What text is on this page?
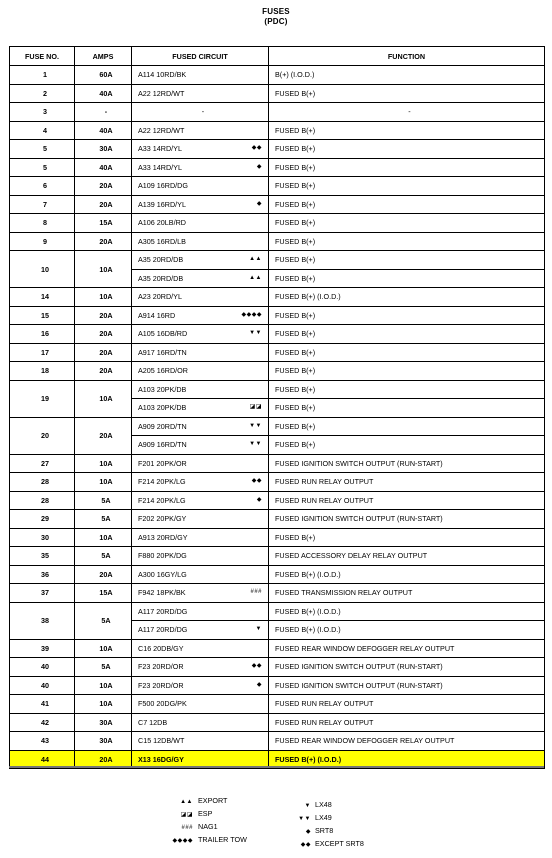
FUSES
(PDC)
FUSE NO.	AMPS	FUSED CIRCUIT	FUNCTION
1	60A	A114 10RD/BK	B(+) (I.O.D.)
2	40A	A22 12RD/WT	FUSED B(+)
3	-	-	-
4	40A	A22 12RD/WT	FUSED B(+)
5	30A	A33 14RD/YL ◆◆	FUSED B(+)
5	40A	A33 14RD/YL ◆	FUSED B(+)
6	20A	A109 16RD/DG	FUSED B(+)
7	20A	A139 16RD/YL ◆	FUSED B(+)
8	15A	A106 20LB/RD	FUSED B(+)
9	20A	A305 16RD/LB	FUSED B(+)
10	10A	A35 20RD/DB ▲▲	FUSED B(+)
		A35 20RD/DB ▲▲	FUSED B(+)
14	10A	A23 20RD/YL	FUSED B(+) (I.O.D.)
15	20A	A914 16RD ◆◆◆◆	FUSED B(+)
16	20A	A105 16DB/RD ▼▼	FUSED B(+)
17	20A	A917 16RD/TN	FUSED B(+)
18	20A	A205 16RD/OR	FUSED B(+)
19	10A	A103 20PK/DB	FUSED B(+)
		A103 20PK/DB ◪◪	FUSED B(+)
20	20A	A909 20RD/TN ▼▼	FUSED B(+)
		A909 16RD/TN ▼▼	FUSED B(+)
27	10A	F201 20PK/OR	FUSED IGNITION SWITCH OUTPUT (RUN-START)
28	10A	F214 20PK/LG ◆◆	FUSED RUN RELAY OUTPUT
28	5A	F214 20PK/LG ◆	FUSED RUN RELAY OUTPUT
29	5A	F202 20PK/GY	FUSED IGNITION SWITCH OUTPUT (RUN-START)
30	10A	A913 20RD/GY	FUSED B(+)
35	5A	F880 20PK/DG	FUSED ACCESSORY DELAY RELAY OUTPUT
36	20A	A300 16GY/LG	FUSED B(+) (I.O.D.)
37	15A	F942 18PK/BK ###	FUSED TRANSMISSION RELAY OUTPUT
38	5A	A117 20RD/DG	FUSED B(+) (I.O.D.)
		A117 20RD/DG ▼	FUSED B(+) (I.O.D.)
39	10A	C16 20DB/GY	FUSED REAR WINDOW DEFOGGER RELAY OUTPUT
40	5A	F23 20RD/OR ◆◆	FUSED IGNITION SWITCH OUTPUT (RUN-START)
40	10A	F23 20RD/OR ◆	FUSED IGNITION SWITCH OUTPUT (RUN-START)
41	10A	F500 20DG/PK	FUSED RUN RELAY OUTPUT
42	30A	C7 12DB	FUSED RUN RELAY OUTPUT
43	30A	C15 12DB/WT	FUSED REAR WINDOW DEFOGGER RELAY OUTPUT
44	20A	X13 16DG/GY	FUSED B(+) (I.O.D.)
▲▲ EXPORT
◪◪ ESP
### NAG1
◆◆◆◆ TRAILER TOW
▼ LX48
▼▼ LX49
◆ SRT8
◆◆ EXCEPT SRT8
